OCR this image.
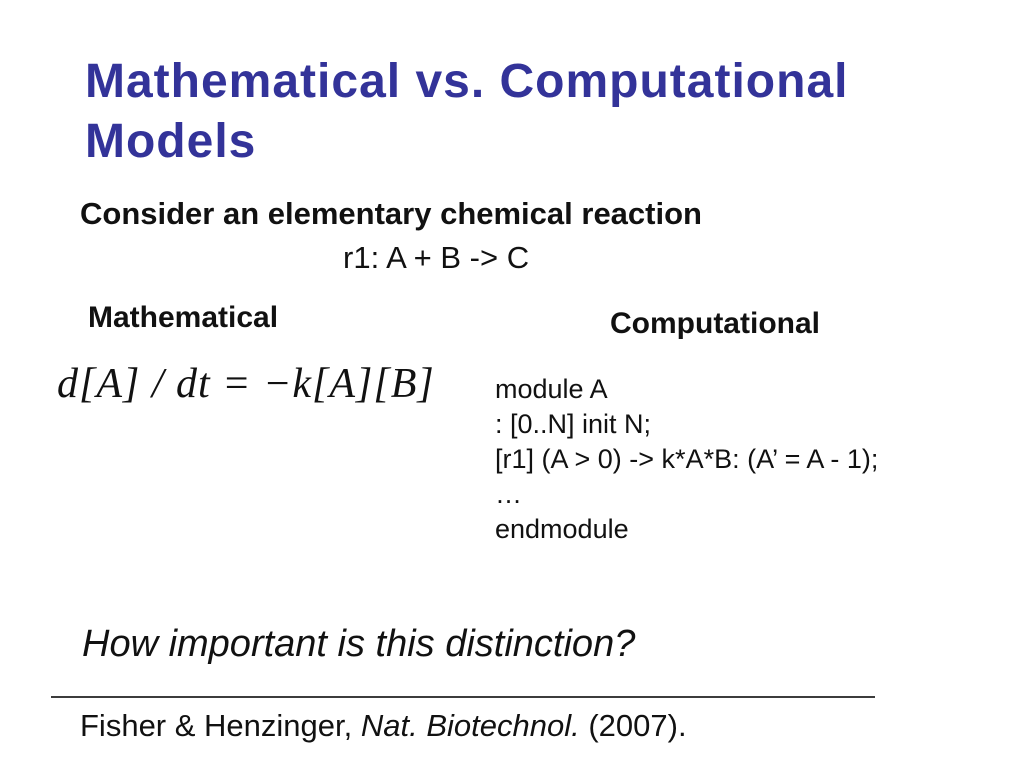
Mathematical vs. Computational Models
Consider an elementary chemical reaction
r1: A + B -> C
Mathematical	Computational
d[A] / dt = −k[A][B] module A
: [0..N] init N;
[r1] (A > 0) -> k*A*B: (A’ = A - 1);
…
endmodule
How important is this distinction?
Fisher & Henzinger, Nat. Biotechnol. (2007).
